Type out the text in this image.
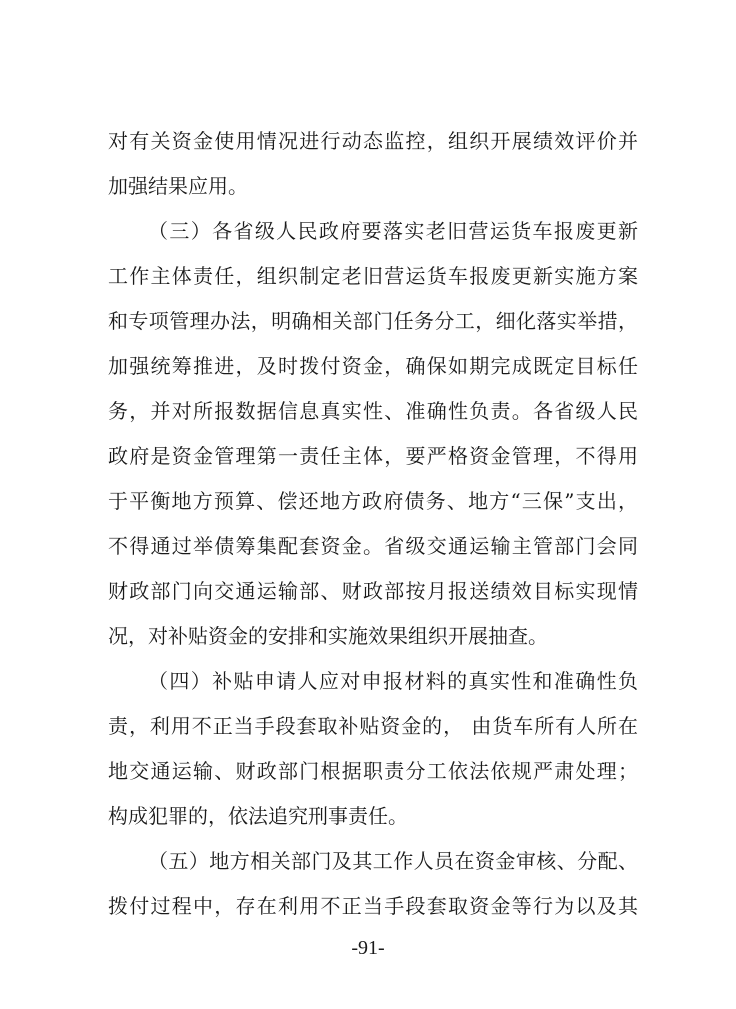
对有关资金使用情况进行动态监控，组织开展绩效评价并
加强结果应用。
（三）各省级人民政府要落实老旧营运货车报废更新
工作主体责任，组织制定老旧营运货车报废更新实施方案
和专项管理办法，明确相关部门任务分工，细化落实举措，
加强统筹推进，及时拨付资金，确保如期完成既定目标任
务，并对所报数据信息真实性、准确性负责。各省级人民
政府是资金管理第一责任主体，要严格资金管理，不得用
于平衡地方预算、偿还地方政府债务、地方“三保”支出，
不得通过举债筹集配套资金。省级交通运输主管部门会同
财政部门向交通运输部、财政部按月报送绩效目标实现情
况，对补贴资金的安排和实施效果组织开展抽查。
（四）补贴申请人应对申报材料的真实性和准确性负
责，利用不正当手段套取补贴资金的， 由货车所有人所在
地交通运输、财政部门根据职责分工依法依规严肃处理；
构成犯罪的，依法追究刑事责任。
（五）地方相关部门及其工作人员在资金审核、分配、
拨付过程中，存在利用不正当手段套取资金等行为以及其
-91-
